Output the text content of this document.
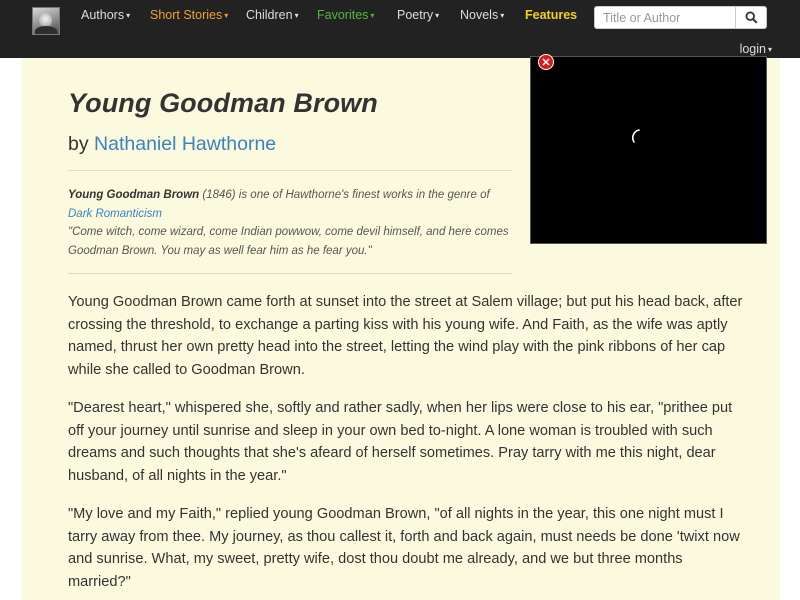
Authors ▾ Short Stories ▾ Children ▾ Favorites ▾ Poetry ▾ Novels ▾ Features
Title or Author
login ▾
Young Goodman Brown
by Nathaniel Hawthorne
Young Goodman Brown (1846) is one of Hawthorne's finest works in the genre of Dark Romanticism
"Come witch, come wizard, come Indian powwow, come devil himself, and here comes Goodman Brown. You may as well fear him as he fear you."

Young Goodman Brown came forth at sunset into the street at Salem village; but put his head back, after crossing the threshold, to exchange a parting kiss with his young wife. And Faith, as the wife was aptly named, thrust her own pretty head into the street, letting the wind play with the pink ribbons of her cap while she called to Goodman Brown.

"Dearest heart," whispered she, softly and rather sadly, when her lips were close to his ear, "prithee put off your journey until sunrise and sleep in your own bed to-night. A lone woman is troubled with such dreams and such thoughts that she's afeard of herself sometimes. Pray tarry with me this night, dear husband, of all nights in the year."

"My love and my Faith," replied young Goodman Brown, "of all nights in the year, this one night must I tarry away from thee. My journey, as thou callest it, forth and back again, must needs be done 'twixt now and sunrise. What, my sweet, pretty wife, dost thou doubt me already, and we but three months married?"

✕
